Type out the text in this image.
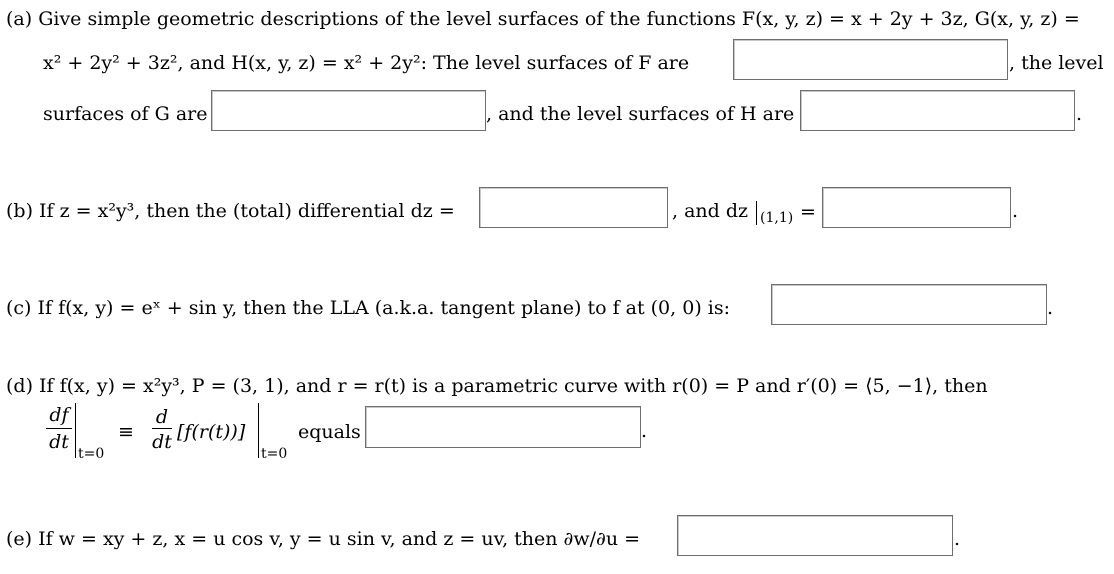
(a) Give simple geometric descriptions of the level surfaces of the functions F(x, y, z) = x + 2y + 3z, G(x, y, z) =
x² + 2y² + 3z², and H(x, y, z) = x² + 2y²: The level surfaces of F are	, the level
surfaces of G are	, and the level surfaces of H are	.
(b) If z = x²y³, then the (total) differential dz =	, and dz (1,1) =	.
(c) If f(x, y) = eˣ + sin y, then the LLA (a.k.a. tangent plane) to f at (0, 0) is:	.
(d) If f(x, y) = x²y³, P = (3, 1), and r = r(t) is a parametric curve with r(0) = P and r′(0) = ⟨5, −1⟩, then
df
dt
t=0
≡
d
dt [f(r(t))]
t=0
equals	.
(e) If w = xy + z, x = u cos v, y = u sin v, and z = uv, then ∂w/∂u =	.
